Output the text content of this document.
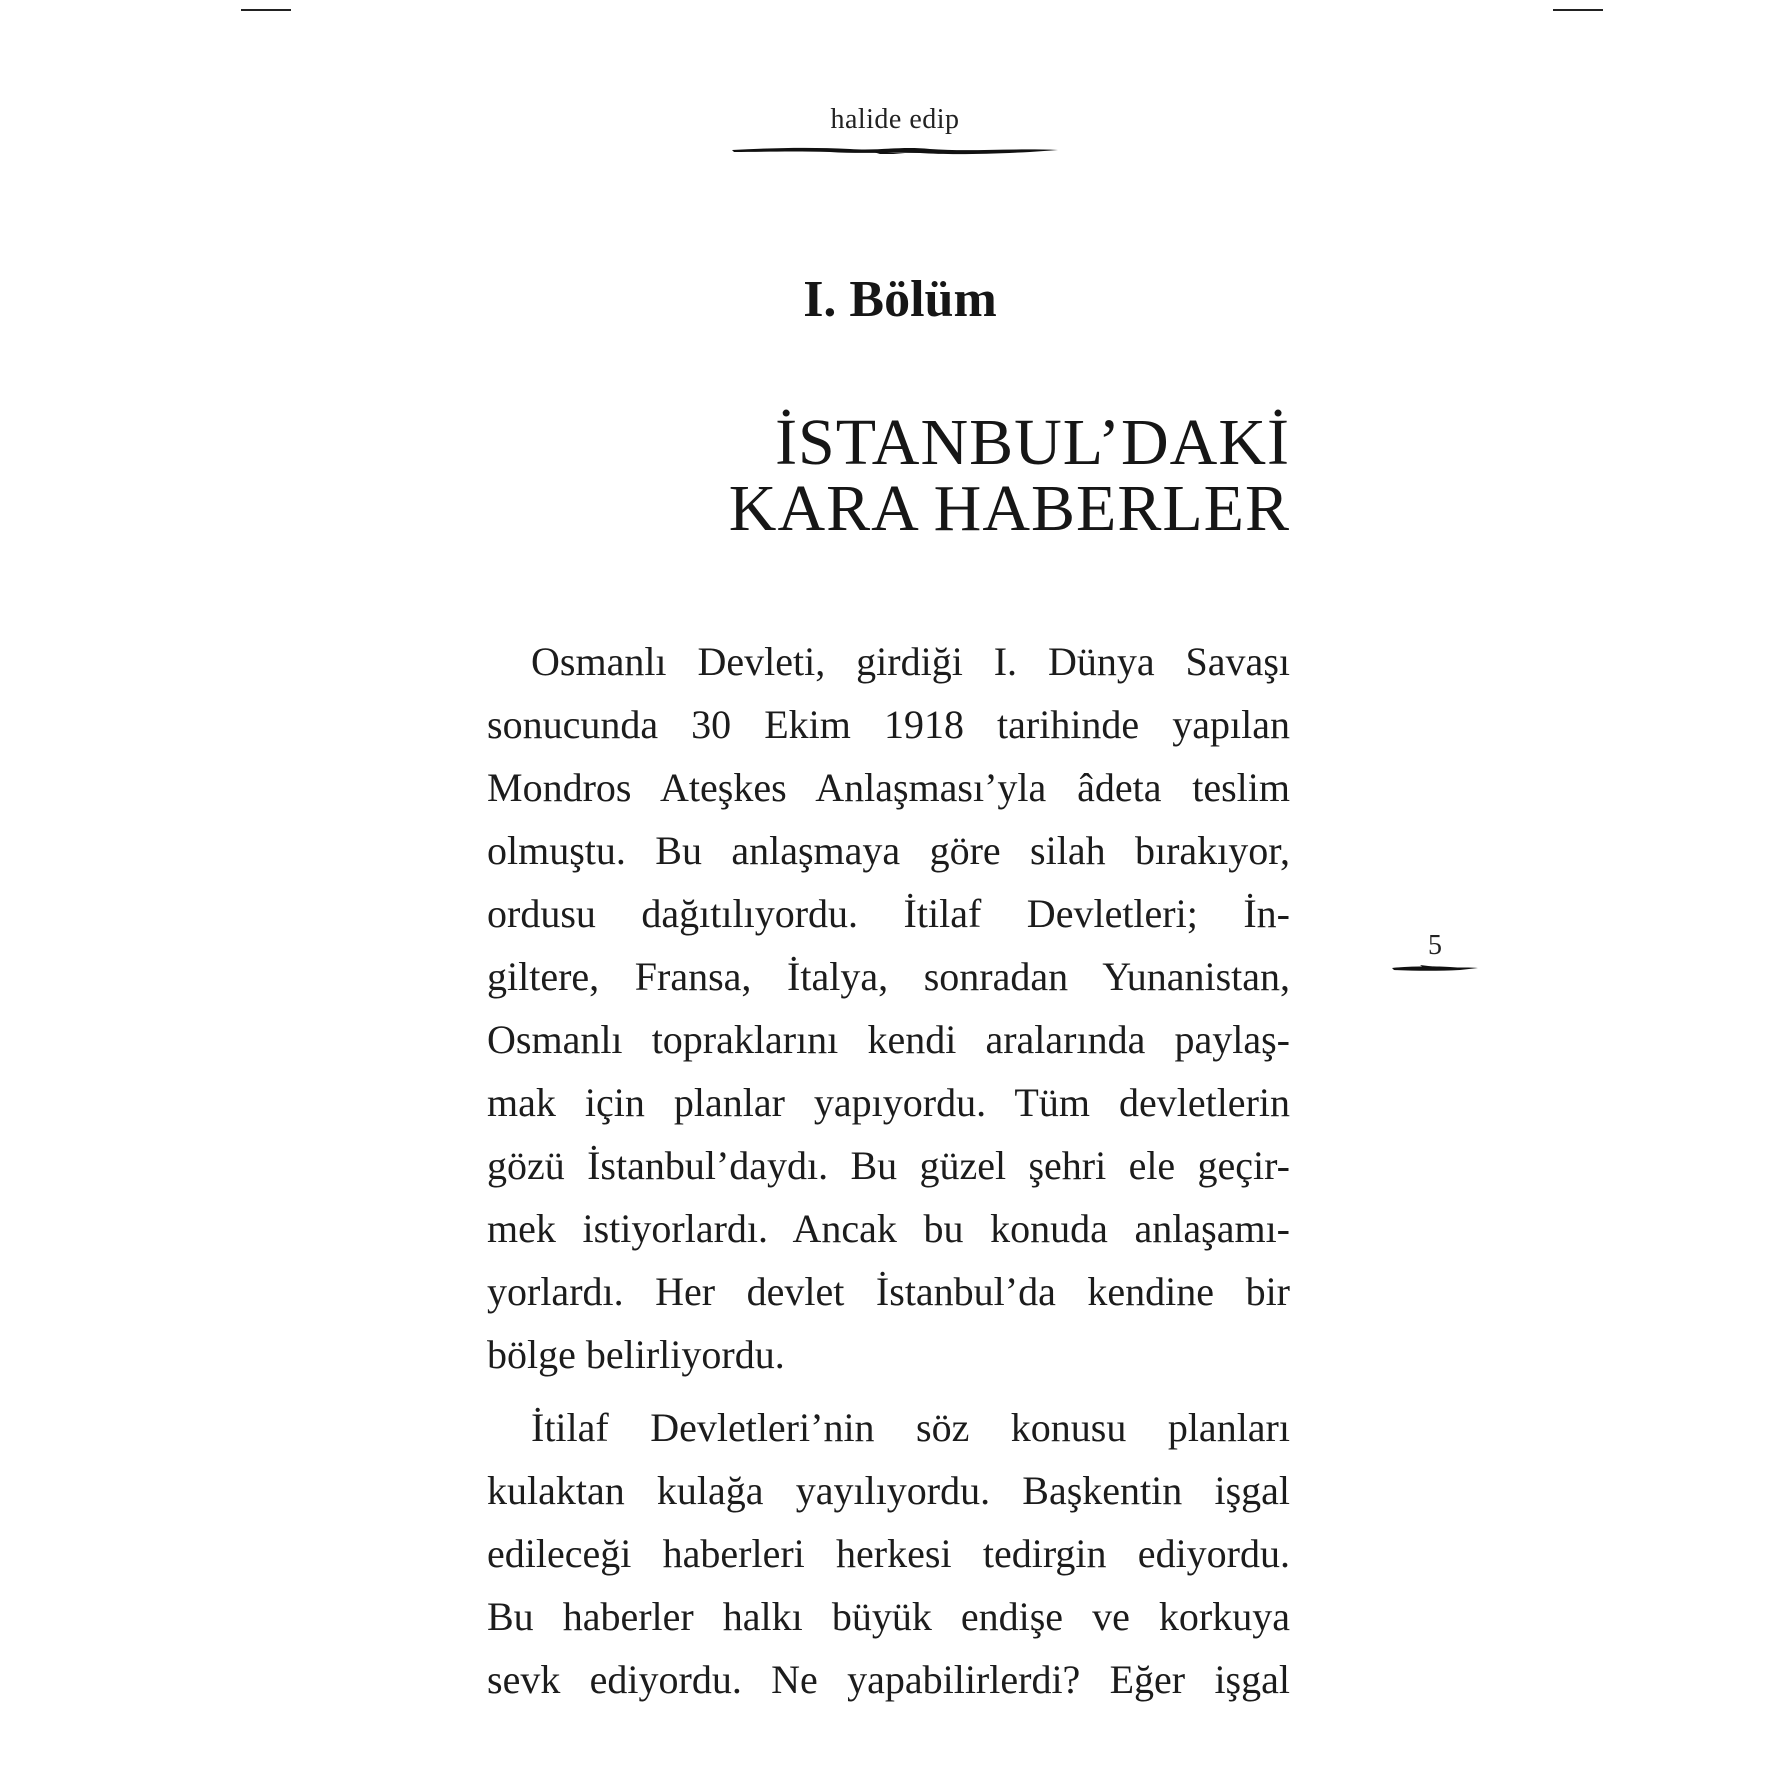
halide edip
I. Bölüm
İSTANBUL’DAKİ
KARA HABERLER
Osmanlı Devleti, girdiği I. Dünya Savaşı
sonucunda 30 Ekim 1918 tarihinde yapılan
Mondros Ateşkes Anlaşması’yla âdeta teslim
olmuştu. Bu anlaşmaya göre silah bırakıyor,
ordusu dağıtılıyordu. İtilaf Devletleri; İn-
giltere, Fransa, İtalya, sonradan Yunanistan,
Osmanlı topraklarını kendi aralarında paylaş-
mak için planlar yapıyordu. Tüm devletlerin
gözü İstanbul’daydı. Bu güzel şehri ele geçir-
mek istiyorlardı. Ancak bu konuda anlaşamı-
yorlardı. Her devlet İstanbul’da kendine bir
bölge belirliyordu.
İtilaf Devletleri’nin söz konusu planları
kulaktan kulağa yayılıyordu. Başkentin işgal
edileceği haberleri herkesi tedirgin ediyordu.
Bu haberler halkı büyük endişe ve korkuya
sevk ediyordu. Ne yapabilirlerdi? Eğer işgal
5
